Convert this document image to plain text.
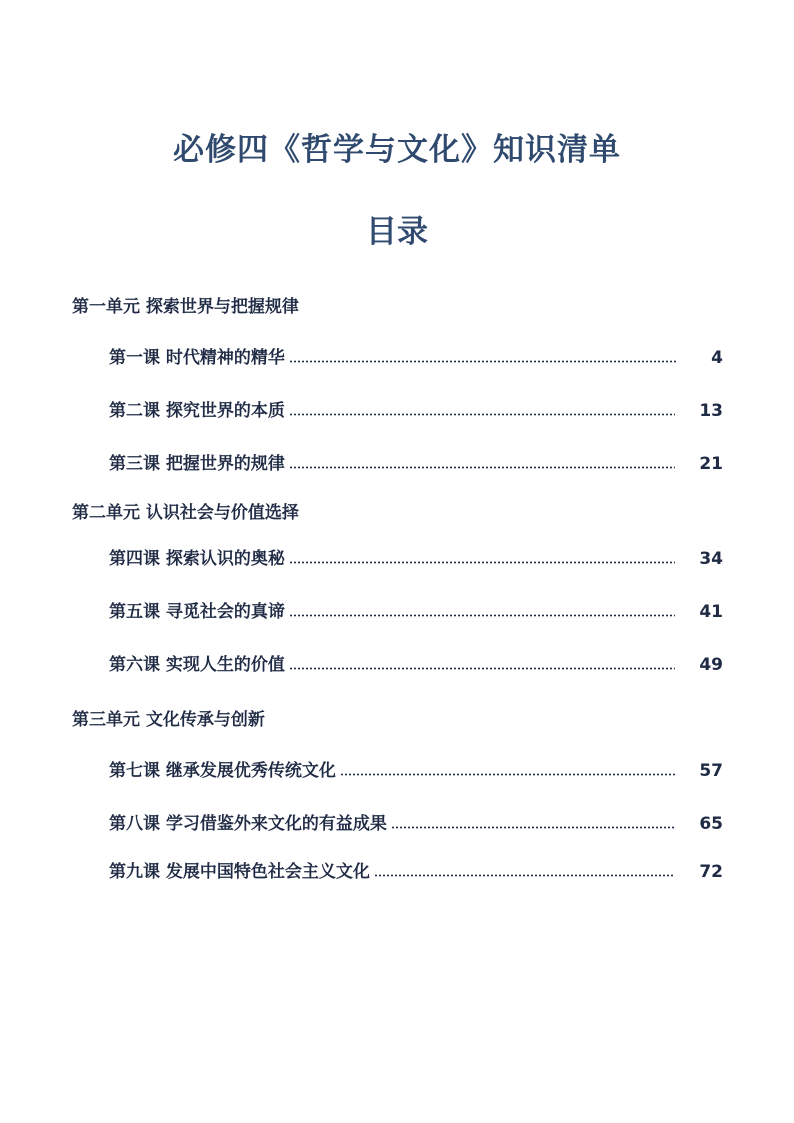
必修四《哲学与文化》知识清单
目录
第一单元 探索世界与把握规律
第一课 时代精神的精华	4
第二课 探究世界的本质	13
第三课 把握世界的规律	21
第二单元 认识社会与价值选择
第四课 探索认识的奥秘	34
第五课 寻觅社会的真谛	41
第六课 实现人生的价值	49
第三单元 文化传承与创新
第七课 继承发展优秀传统文化	57
第八课 学习借鉴外来文化的有益成果	65
第九课 发展中国特色社会主义文化	72
